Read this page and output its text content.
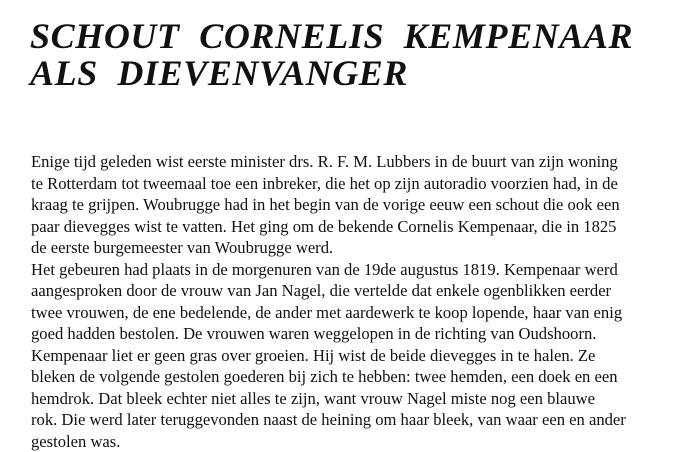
SCHOUT CORNELIS KEMPENAAR
ALS DIEVENVANGER
Enige tijd geleden wist eerste minister drs. R. F. M. Lubbers in de buurt van zijn woning
te Rotterdam tot tweemaal toe een inbreker, die het op zijn autoradio voorzien had, in de
kraag te grijpen. Woubrugge had in het begin van de vorige eeuw een schout die ook een
paar dievegges wist te vatten. Het ging om de bekende Cornelis Kempenaar, die in 1825
de eerste burgemeester van Woubrugge werd.
Het gebeuren had plaats in de morgenuren van de 19de augustus 1819. Kempenaar werd
aangesproken door de vrouw van Jan Nagel, die vertelde dat enkele ogenblikken eerder
twee vrouwen, de ene bedelende, de ander met aardewerk te koop lopende, haar van enig
goed hadden bestolen. De vrouwen waren weggelopen in de richting van Oudshoorn.
Kempenaar liet er geen gras over groeien. Hij wist de beide dievegges in te halen. Ze
bleken de volgende gestolen goederen bij zich te hebben: twee hemden, een doek en een
hemdrok. Dat bleek echter niet alles te zijn, want vrouw Nagel miste nog een blauwe
rok. Die werd later teruggevonden naast de heining om haar bleek, van waar een en ander
gestolen was.
